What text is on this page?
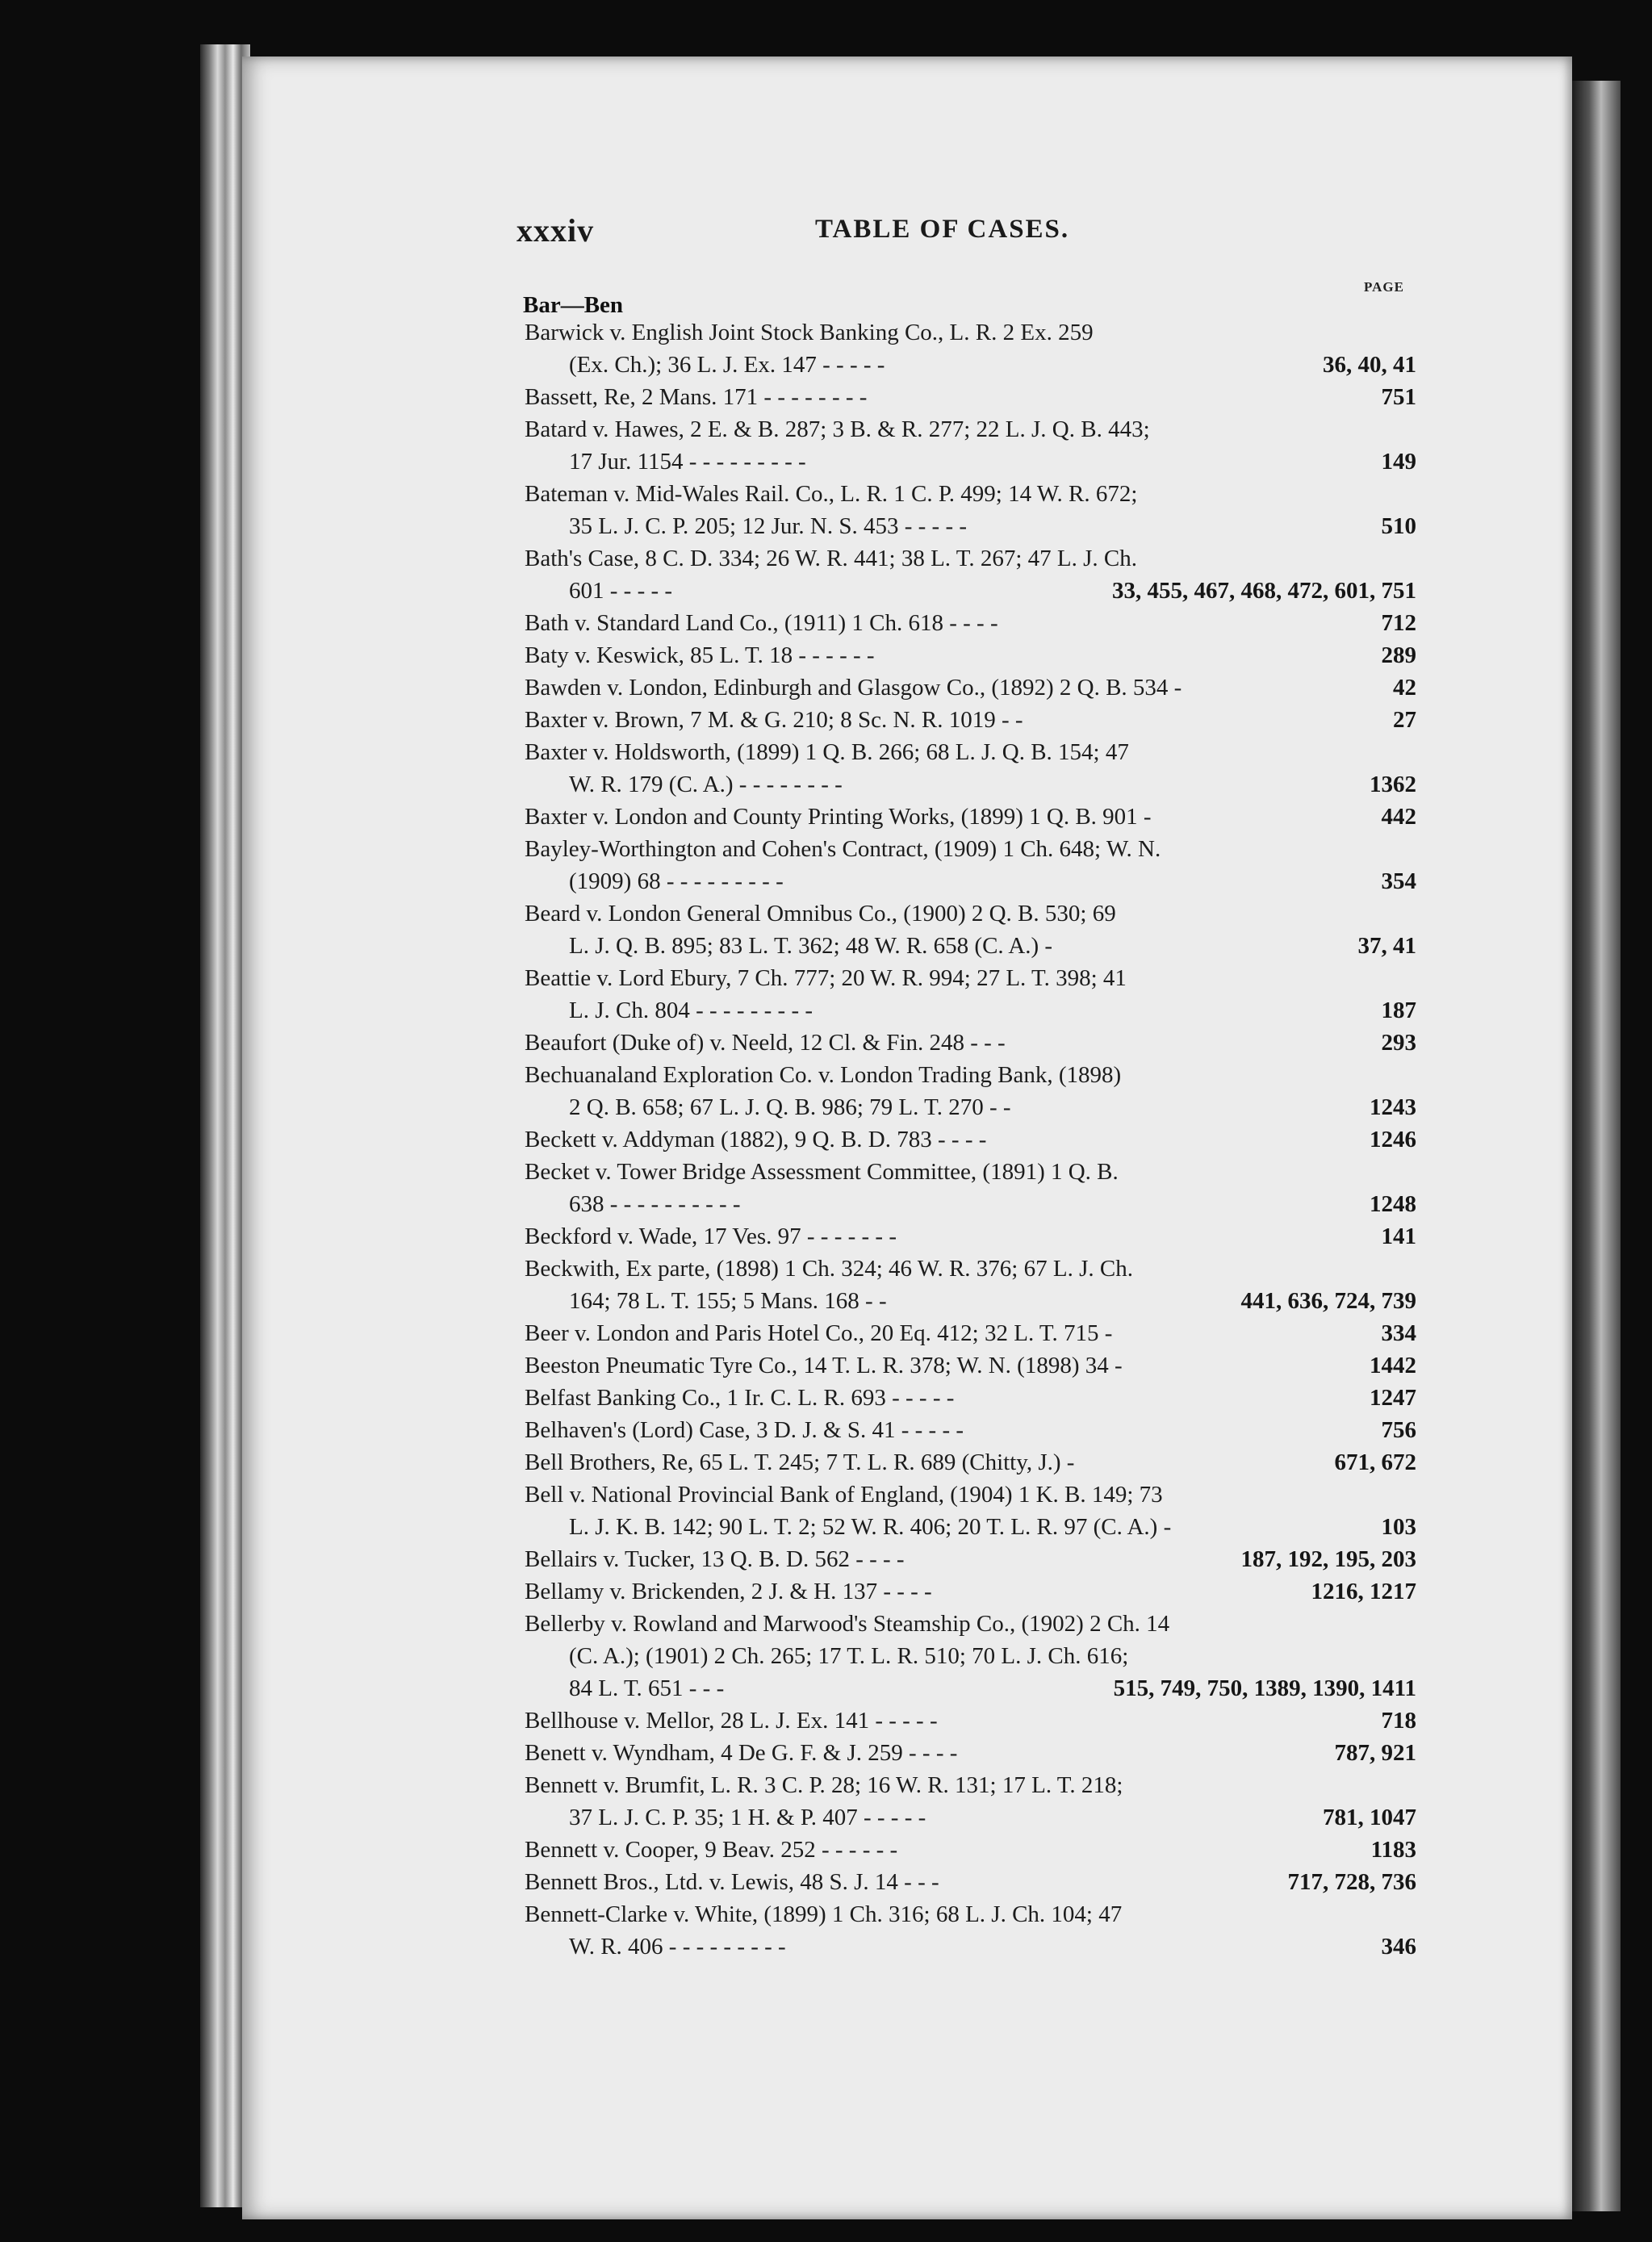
xxxiv	TABLE OF CASES.
Bar—Ben
PAGE
Barwick v. English Joint Stock Banking Co., L. R. 2 Ex. 259
(Ex. Ch.); 36 L. J. Ex. 147 - - - - -	36, 40, 41
Bassett, Re, 2 Mans. 171 - - - - - - - -	751
Batard v. Hawes, 2 E. & B. 287; 3 B. & R. 277; 22 L. J. Q. B. 443;
17 Jur. 1154 - - - - - - - - -	149
Bateman v. Mid-Wales Rail. Co., L. R. 1 C. P. 499; 14 W. R. 672;
35 L. J. C. P. 205; 12 Jur. N. S. 453 - - - - -	510
Bath's Case, 8 C. D. 334; 26 W. R. 441; 38 L. T. 267; 47 L. J. Ch.
601 - - - - -	33, 455, 467, 468, 472, 601, 751
Bath v. Standard Land Co., (1911) 1 Ch. 618 - - - -	712
Baty v. Keswick, 85 L. T. 18 - - - - - -	289
Bawden v. London, Edinburgh and Glasgow Co., (1892) 2 Q. B. 534 -	42
Baxter v. Brown, 7 M. & G. 210; 8 Sc. N. R. 1019 - -	27
Baxter v. Holdsworth, (1899) 1 Q. B. 266; 68 L. J. Q. B. 154; 47
W. R. 179 (C. A.) - - - - - - - -	1362
Baxter v. London and County Printing Works, (1899) 1 Q. B. 901 -	442
Bayley-Worthington and Cohen's Contract, (1909) 1 Ch. 648; W. N.
(1909) 68 - - - - - - - - -	354
Beard v. London General Omnibus Co., (1900) 2 Q. B. 530; 69
L. J. Q. B. 895; 83 L. T. 362; 48 W. R. 658 (C. A.) -	37, 41
Beattie v. Lord Ebury, 7 Ch. 777; 20 W. R. 994; 27 L. T. 398; 41
L. J. Ch. 804 - - - - - - - - -	187
Beaufort (Duke of) v. Neeld, 12 Cl. & Fin. 248 - - -	293
Bechuanaland Exploration Co. v. London Trading Bank, (1898)
2 Q. B. 658; 67 L. J. Q. B. 986; 79 L. T. 270 - -	1243
Beckett v. Addyman (1882), 9 Q. B. D. 783 - - - -	1246
Becket v. Tower Bridge Assessment Committee, (1891) 1 Q. B.
638 - - - - - - - - - -	1248
Beckford v. Wade, 17 Ves. 97 - - - - - - -	141
Beckwith, Ex parte, (1898) 1 Ch. 324; 46 W. R. 376; 67 L. J. Ch.
164; 78 L. T. 155; 5 Mans. 168 - -	441, 636, 724, 739
Beer v. London and Paris Hotel Co., 20 Eq. 412; 32 L. T. 715 -	334
Beeston Pneumatic Tyre Co., 14 T. L. R. 378; W. N. (1898) 34 -	1442
Belfast Banking Co., 1 Ir. C. L. R. 693 - - - - -	1247
Belhaven's (Lord) Case, 3 D. J. & S. 41 - - - - -	756
Bell Brothers, Re, 65 L. T. 245; 7 T. L. R. 689 (Chitty, J.) -	671, 672
Bell v. National Provincial Bank of England, (1904) 1 K. B. 149; 73
L. J. K. B. 142; 90 L. T. 2; 52 W. R. 406; 20 T. L. R. 97 (C. A.) -	103
Bellairs v. Tucker, 13 Q. B. D. 562 - - - -	187, 192, 195, 203
Bellamy v. Brickenden, 2 J. & H. 137 - - - -	1216, 1217
Bellerby v. Rowland and Marwood's Steamship Co., (1902) 2 Ch. 14
(C. A.); (1901) 2 Ch. 265; 17 T. L. R. 510; 70 L. J. Ch. 616;
84 L. T. 651 - - -	515, 749, 750, 1389, 1390, 1411
Bellhouse v. Mellor, 28 L. J. Ex. 141 - - - - -	718
Benett v. Wyndham, 4 De G. F. & J. 259 - - - -	787, 921
Bennett v. Brumfit, L. R. 3 C. P. 28; 16 W. R. 131; 17 L. T. 218;
37 L. J. C. P. 35; 1 H. & P. 407 - - - - -	781, 1047
Bennett v. Cooper, 9 Beav. 252 - - - - - -	1183
Bennett Bros., Ltd. v. Lewis, 48 S. J. 14 - - -	717, 728, 736
Bennett-Clarke v. White, (1899) 1 Ch. 316; 68 L. J. Ch. 104; 47
W. R. 406 - - - - - - - - -	346
